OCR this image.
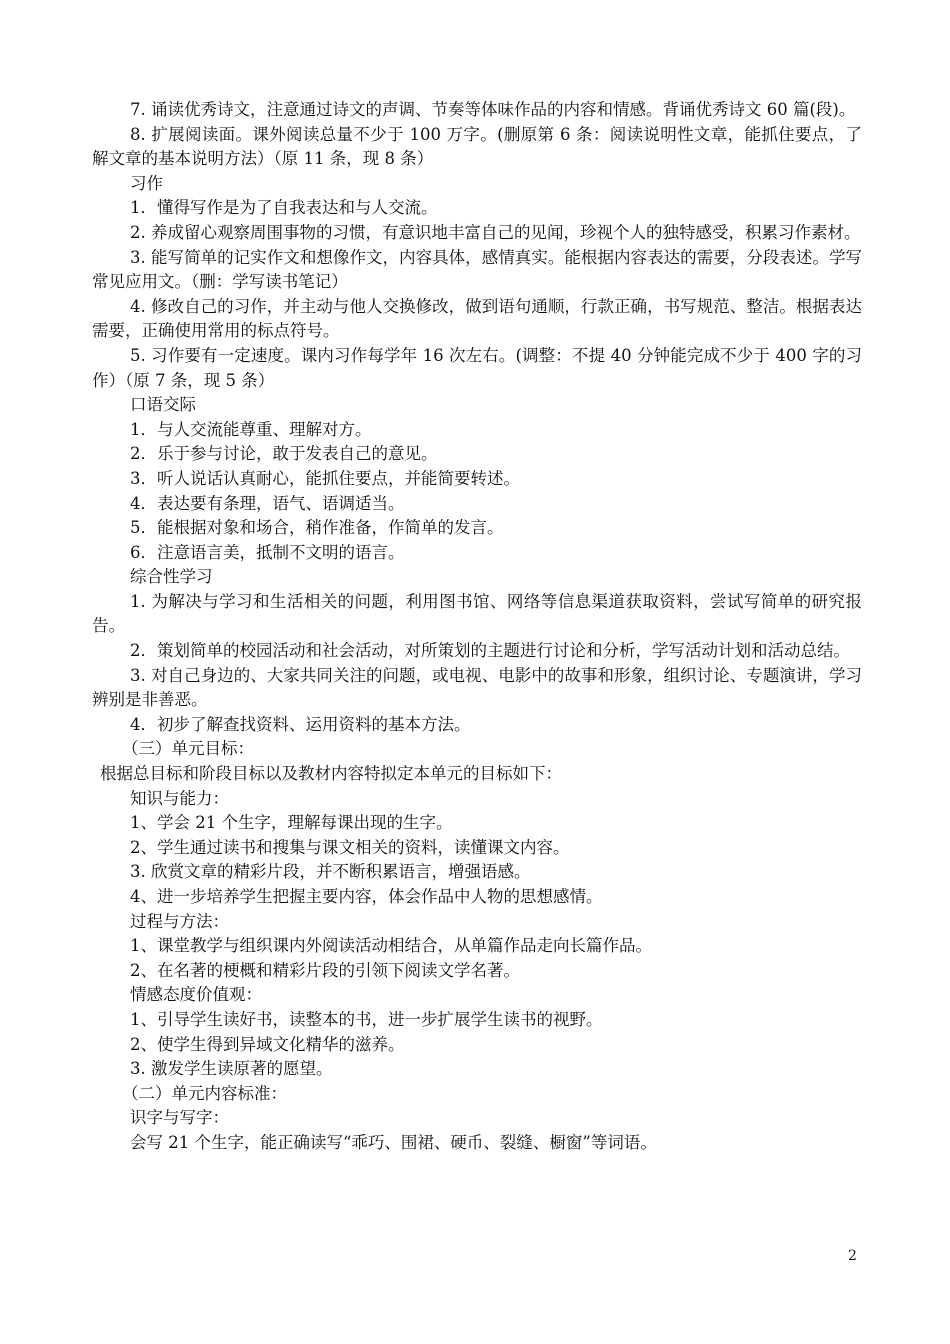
7. 诵读优秀诗文，注意通过诗文的声调、节奏等体味作品的内容和情感。背诵优秀诗文 60 篇(段)。

8. 扩展阅读面。课外阅读总量不少于 100 万字。(删原第 6 条：阅读说明性文章，能抓住要点，了解文章的基本说明方法）（原 11 条，现 8 条）

习作

1．懂得写作是为了自我表达和与人交流。

2. 养成留心观察周围事物的习惯，有意识地丰富自己的见闻，珍视个人的独特感受，积累习作素材。

3. 能写简单的记实作文和想像作文，内容具体，感情真实。能根据内容表达的需要，分段表述。学写常见应用文。（删：学写读书笔记）

4. 修改自己的习作，并主动与他人交换修改，做到语句通顺，行款正确，书写规范、整洁。根据表达需要，正确使用常用的标点符号。

5. 习作要有一定速度。课内习作每学年 16 次左右。(调整：不提 40 分钟能完成不少于 400 字的习作）（原 7 条，现 5 条）

口语交际

1．与人交流能尊重、理解对方。

2．乐于参与讨论，敢于发表自己的意见。

3．听人说话认真耐心，能抓住要点，并能简要转述。

4．表达要有条理，语气、语调适当。

5．能根据对象和场合，稍作准备，作简单的发言。

6．注意语言美，抵制不文明的语言。

综合性学习

1. 为解决与学习和生活相关的问题，利用图书馆、网络等信息渠道获取资料，尝试写简单的研究报告。

2．策划简单的校园活动和社会活动，对所策划的主题进行讨论和分析，学写活动计划和活动总结。

3. 对自己身边的、大家共同关注的问题，或电视、电影中的故事和形象，组织讨论、专题演讲，学习辨别是非善恶。

4．初步了解查找资料、运用资料的基本方法。

（三）单元目标：

根据总目标和阶段目标以及教材内容特拟定本单元的目标如下：

知识与能力：

1、学会 21 个生字，理解每课出现的生字。

2、学生通过读书和搜集与课文相关的资料，读懂课文内容。

3. 欣赏文章的精彩片段，并不断积累语言，增强语感。

4、进一步培养学生把握主要内容，体会作品中人物的思想感情。

过程与方法：

1、课堂教学与组织课内外阅读活动相结合，从单篇作品走向长篇作品。

2、在名著的梗概和精彩片段的引领下阅读文学名著。

情感态度价值观：

1、引导学生读好书，读整本的书，进一步扩展学生读书的视野。

2、使学生得到异域文化精华的滋养。

3. 激发学生读原著的愿望。

（二）单元内容标准：

识字与写字：

会写 21 个生字，能正确读写“乖巧、围裙、硬币、裂缝、橱窗”等词语。

2
